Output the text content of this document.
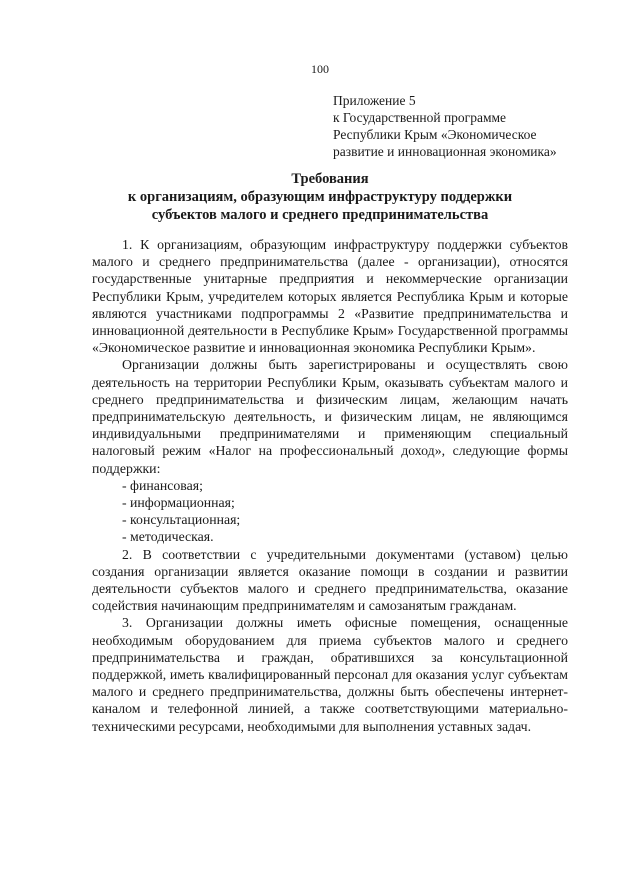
100
Приложение 5
к Государственной программе
Республики Крым «Экономическое
развитие и инновационная экономика»
Требования
к организациям, образующим инфраструктуру поддержки
субъектов малого и среднего предпринимательства

1. К организациям, образующим инфраструктуру поддержки субъектов малого и среднего предпринимательства (далее - организации), относятся государственные унитарные предприятия и некоммерческие организации Республики Крым, учредителем которых является Республика Крым и которые являются участниками подпрограммы 2 «Развитие предпринимательства и инновационной деятельности в Республике Крым» Государственной программы «Экономическое развитие и инновационная экономика Республики Крым».

Организации должны быть зарегистрированы и осуществлять свою деятельность на территории Республики Крым, оказывать субъектам малого и среднего предпринимательства и физическим лицам, желающим начать предпринимательскую деятельность, и физическим лицам, не являющимся индивидуальными предпринимателями и применяющим специальный налоговый режим «Налог на профессиональный доход», следующие формы поддержки:

- финансовая;

- информационная;

- консультационная;

- методическая.

2. В соответствии с учредительными документами (уставом) целью создания организации является оказание помощи в создании и развитии деятельности субъектов малого и среднего предпринимательства, оказание содействия начинающим предпринимателям и самозанятым гражданам.

3. Организации должны иметь офисные помещения, оснащенные необходимым оборудованием для приема субъектов малого и среднего предпринимательства и граждан, обратившихся за консультационной поддержкой, иметь квалифицированный персонал для оказания услуг субъектам малого и среднего предпринимательства, должны быть обеспечены интернет-каналом и телефонной линией, а также соответствующими материально-техническими ресурсами, необходимыми для выполнения уставных задач.
